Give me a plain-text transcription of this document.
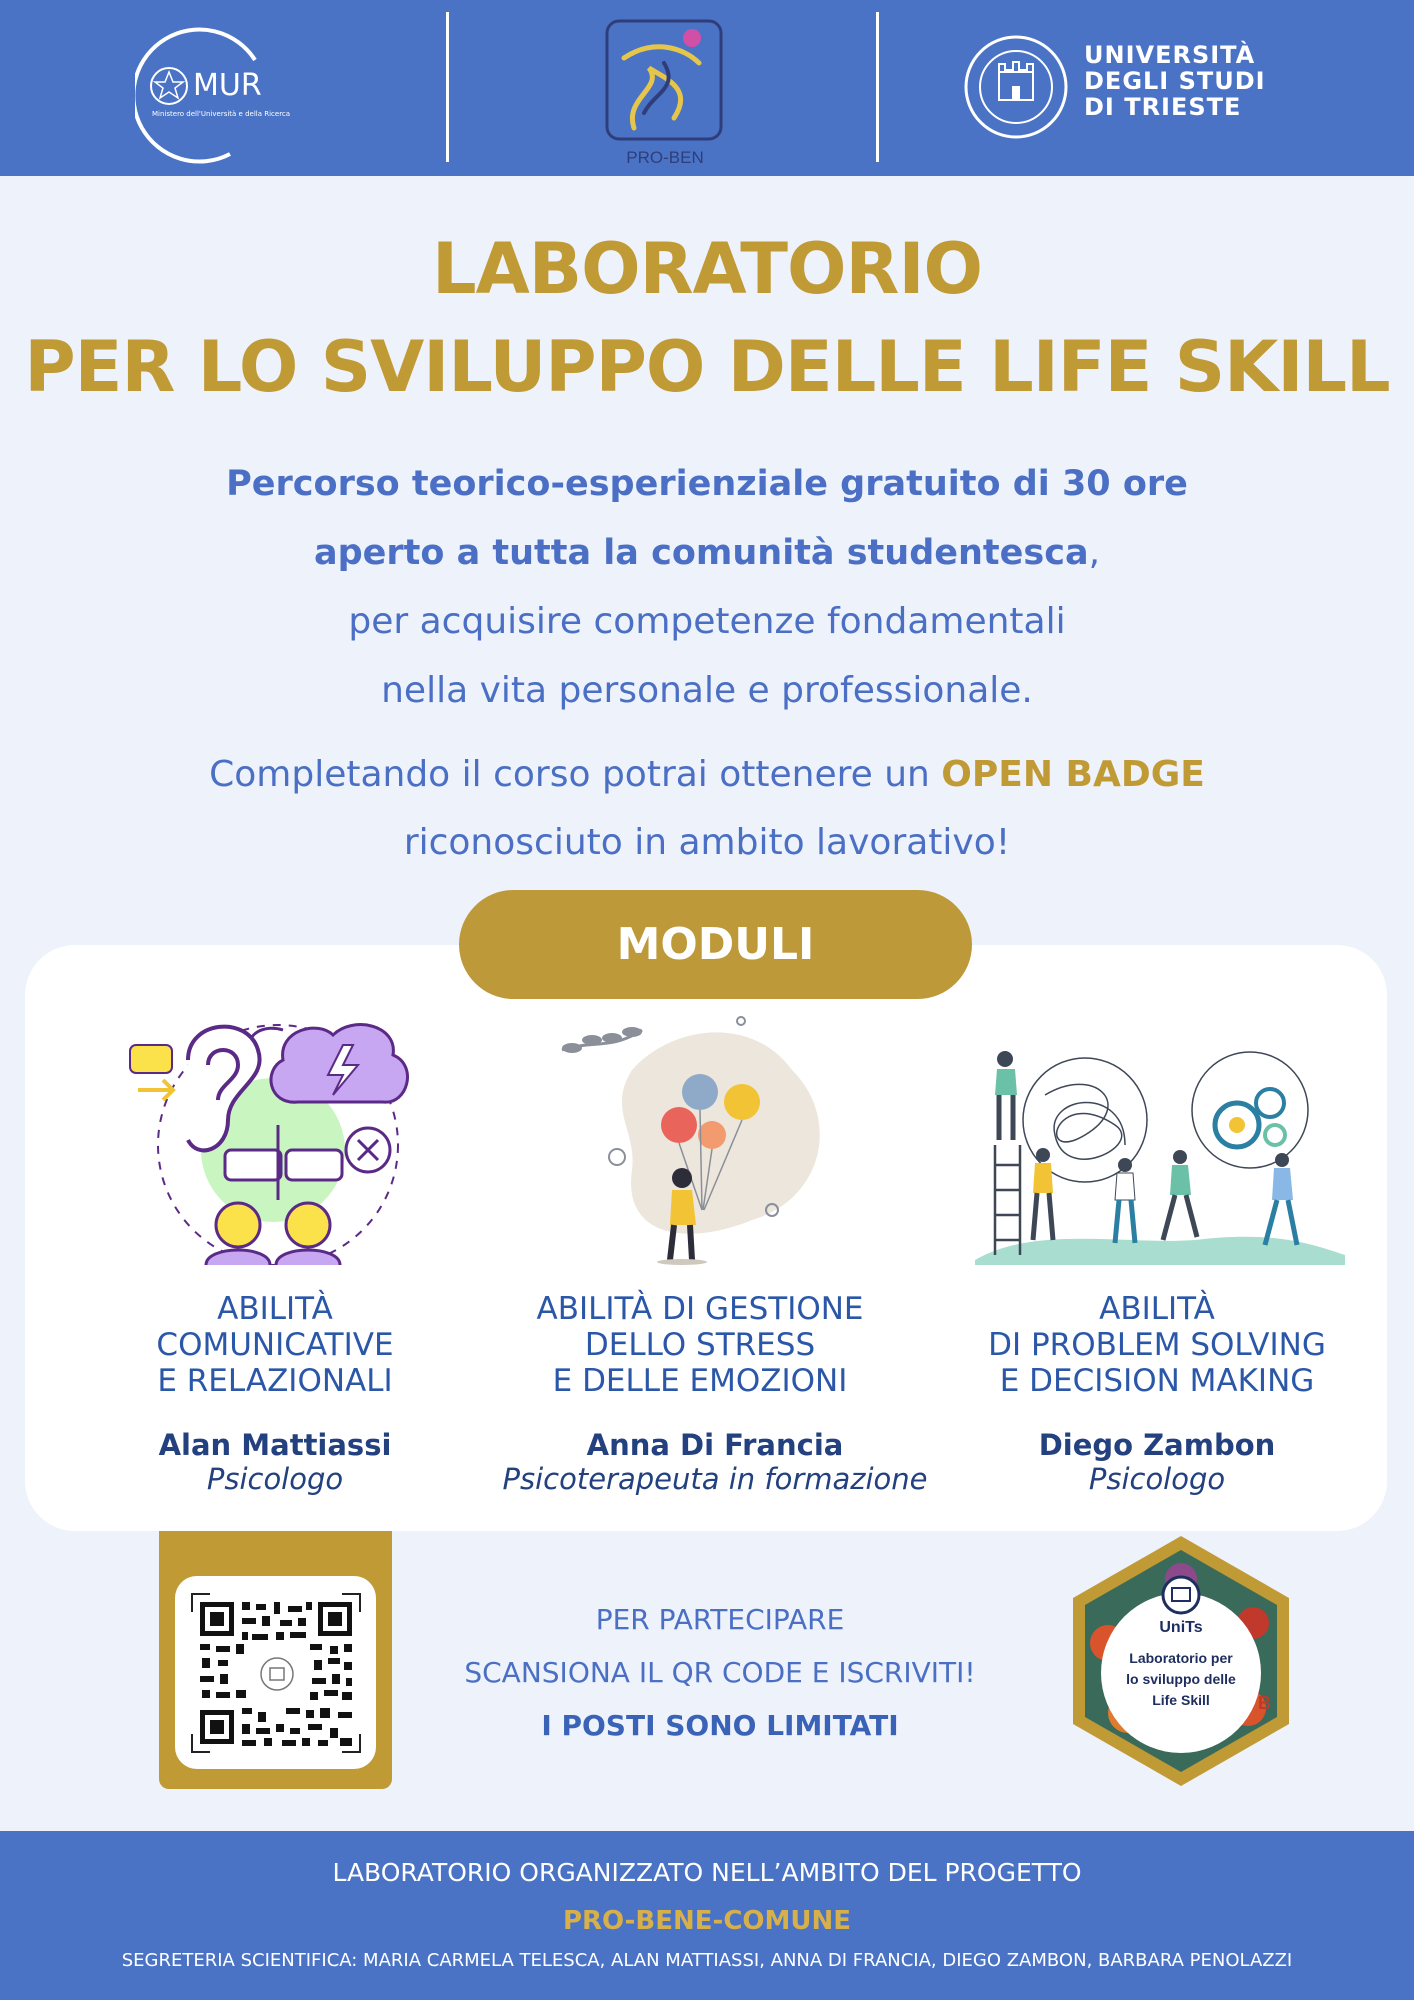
MUR
Ministero dell'Università e della Ricerca
PRO-BEN
UNIVERSITÀ
DEGLI STUDI
DI TRIESTE
LABORATORIO
PER LO SVILUPPO DELLE LIFE SKILL
Percorso teorico-esperienziale gratuito di 30 ore
aperto a tutta la comunità studentesca,
per acquisire competenze fondamentali
nella vita personale e professionale.
Completando il corso potrai ottenere un OPEN BADGE
riconosciuto in ambito lavorativo!
MODULI
ABILITÀ
COMUNICATIVE
E RELAZIONALI
Alan Mattiassi
Psicologo
ABILITÀ DI GESTIONE
DELLO STRESS
E DELLE EMOZIONI
Anna Di Francia
Psicoterapeuta in formazione
ABILITÀ
DI PROBLEM SOLVING
E DECISION MAKING
Diego Zambon
Psicologo
PER PARTECIPARE
SCANSIONA IL QR CODE E ISCRIVITI!
I POSTI SONO LIMITATI
B
UniTs
Laboratorio per
lo sviluppo delle
Life Skill
LABORATORIO ORGANIZZATO NELL’AMBITO DEL PROGETTO
PRO-BENE-COMUNE
SEGRETERIA SCIENTIFICA: MARIA CARMELA TELESCA, ALAN MATTIASSI, ANNA DI FRANCIA, DIEGO ZAMBON, BARBARA PENOLAZZI
